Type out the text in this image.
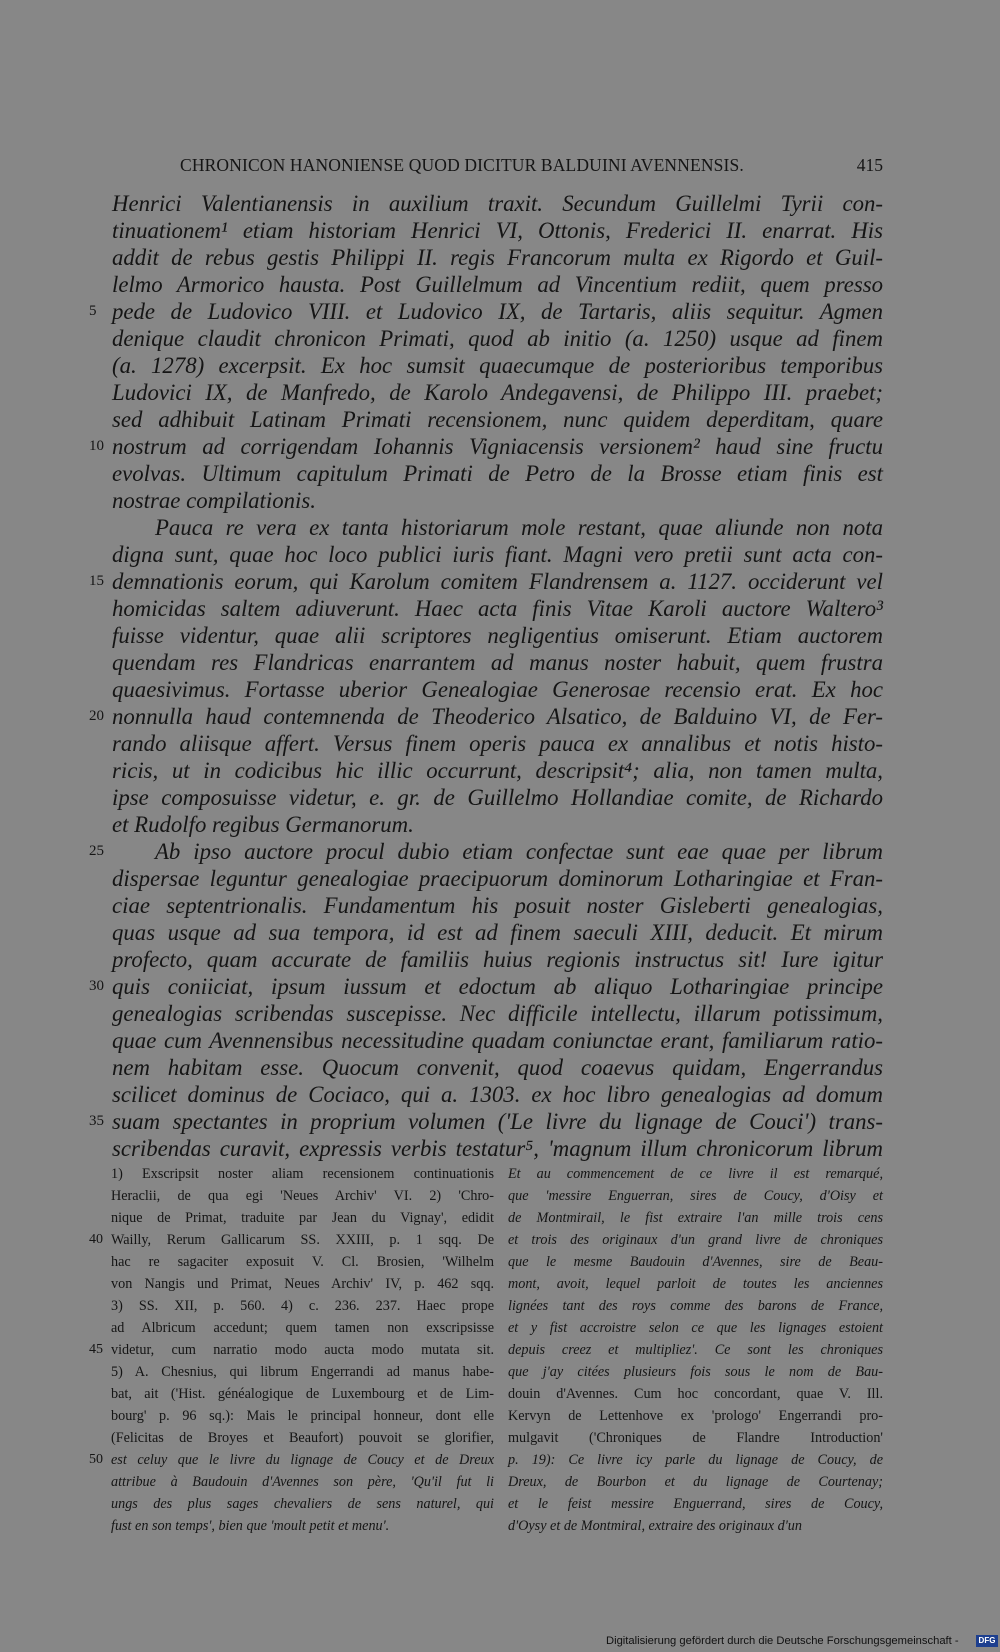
CHRONICON HANONIENSE QUOD DICITUR BALDUINI AVENNENSIS.	415
Henrici Valentianensis in auxilium traxit. Secundum Guillelmi Tyrii con-
tinuationem¹ etiam historiam Henrici VI, Ottonis, Frederici II. enarrat. His
addit de rebus gestis Philippi II. regis Francorum multa ex Rigordo et Guil-
lelmo Armorico hausta. Post Guillelmum ad Vincentium rediit, quem presso
pede de Ludovico VIII. et Ludovico IX, de Tartaris, aliis sequitur. Agmen
denique claudit chronicon Primati, quod ab initio (a. 1250) usque ad finem
(a. 1278) excerpsit. Ex hoc sumsit quaecumque de posterioribus temporibus
Ludovici IX, de Manfredo, de Karolo Andegavensi, de Philippo III. praebet;
sed adhibuit Latinam Primati recensionem, nunc quidem deperditam, quare
nostrum ad corrigendam Iohannis Vigniacensis versionem² haud sine fructu
evolvas. Ultimum capitulum Primati de Petro de la Brosse etiam finis est
nostrae compilationis.
Pauca re vera ex tanta historiarum mole restant, quae aliunde non nota
digna sunt, quae hoc loco publici iuris fiant. Magni vero pretii sunt acta con-
demnationis eorum, qui Karolum comitem Flandrensem a. 1127. occiderunt vel
homicidas saltem adiuverunt. Haec acta finis Vitae Karoli auctore Waltero³
fuisse videntur, quae alii scriptores negligentius omiserunt. Etiam auctorem
quendam res Flandricas enarrantem ad manus noster habuit, quem frustra
quaesivimus. Fortasse uberior Genealogiae Generosae recensio erat. Ex hoc
nonnulla haud contemnenda de Theoderico Alsatico, de Balduino VI, de Fer-
rando aliisque affert. Versus finem operis pauca ex annalibus et notis histo-
ricis, ut in codicibus hic illic occurrunt, descripsit⁴; alia, non tamen multa,
ipse composuisse videtur, e. gr. de Guillelmo Hollandiae comite, de Richardo
et Rudolfo regibus Germanorum.
Ab ipso auctore procul dubio etiam confectae sunt eae quae per librum
dispersae leguntur genealogiae praecipuorum dominorum Lotharingiae et Fran-
ciae septentrionalis. Fundamentum his posuit noster Gisleberti genealogias,
quas usque ad sua tempora, id est ad finem saeculi XIII, deducit. Et mirum
profecto, quam accurate de familiis huius regionis instructus sit! Iure igitur
quis coniiciat, ipsum iussum et edoctum ab aliquo Lotharingiae principe
genealogias scribendas suscepisse. Nec difficile intellectu, illarum potissimum,
quae cum Avennensibus necessitudine quadam coniunctae erant, familiarum ratio-
nem habitam esse. Quocum convenit, quod coaevus quidam, Engerrandus
scilicet dominus de Cociaco, qui a. 1303. ex hoc libro genealogias ad domum
suam spectantes in proprium volumen ('Le livre du lignage de Couci') trans-
scribendas curavit, expressis verbis testatur⁵, 'magnum illum chronicorum librum
5
10
15
20
25
30
35
1) Exscripsit noster aliam recensionem continuationis
Heraclii, de qua egi 'Neues Archiv' VI. 2) 'Chro-
nique de Primat, traduite par Jean du Vignay', edidit
Wailly, Rerum Gallicarum SS. XXIII, p. 1 sqq. De
hac re sagaciter exposuit V. Cl. Brosien, 'Wilhelm
von Nangis und Primat, Neues Archiv' IV, p. 462 sqq.
3) SS. XII, p. 560. 4) c. 236. 237. Haec prope
ad Albricum accedunt; quem tamen non exscripsisse
videtur, cum narratio modo aucta modo mutata sit.
5) A. Chesnius, qui librum Engerrandi ad manus habe-
bat, ait ('Hist. généalogique de Luxembourg et de Lim-
bourg' p. 96 sq.): Mais le principal honneur, dont elle
(Felicitas de Broyes et Beaufort) pouvoit se glorifier,
est celuy que le livre du lignage de Coucy et de Dreux
attribue à Baudouin d'Avennes son père, 'Qu'il fut li
ungs des plus sages chevaliers de sens naturel, qui
fust en son temps', bien que 'moult petit et menu'.
Et au commencement de ce livre il est remarqué,
que 'messire Enguerran, sires de Coucy, d'Oisy et
de Montmirail, le fist extraire l'an mille trois cens
et trois des originaux d'un grand livre de chroniques
que le mesme Baudouin d'Avennes, sire de Beau-
mont, avoit, lequel parloit de toutes les anciennes
lignées tant des roys comme des barons de France,
et y fist accroistre selon ce que les lignages estoient
depuis creez et multipliez'. Ce sont les chroniques
que j'ay citées plusieurs fois sous le nom de Bau-
douin d'Avennes. Cum hoc concordant, quae V. Ill.
Kervyn de Lettenhove ex 'prologo' Engerrandi pro-
mulgavit ('Chroniques de Flandre Introduction'
p. 19): Ce livre icy parle du lignage de Coucy, de
Dreux, de Bourbon et du lignage de Courtenay;
et le feist messire Enguerrand, sires de Coucy,
d'Oysy et de Montmiral, extraire des originaux d'un
40
45
50
Digitalisierung gefördert durch die Deutsche Forschungsgemeinschaft -	DFG
